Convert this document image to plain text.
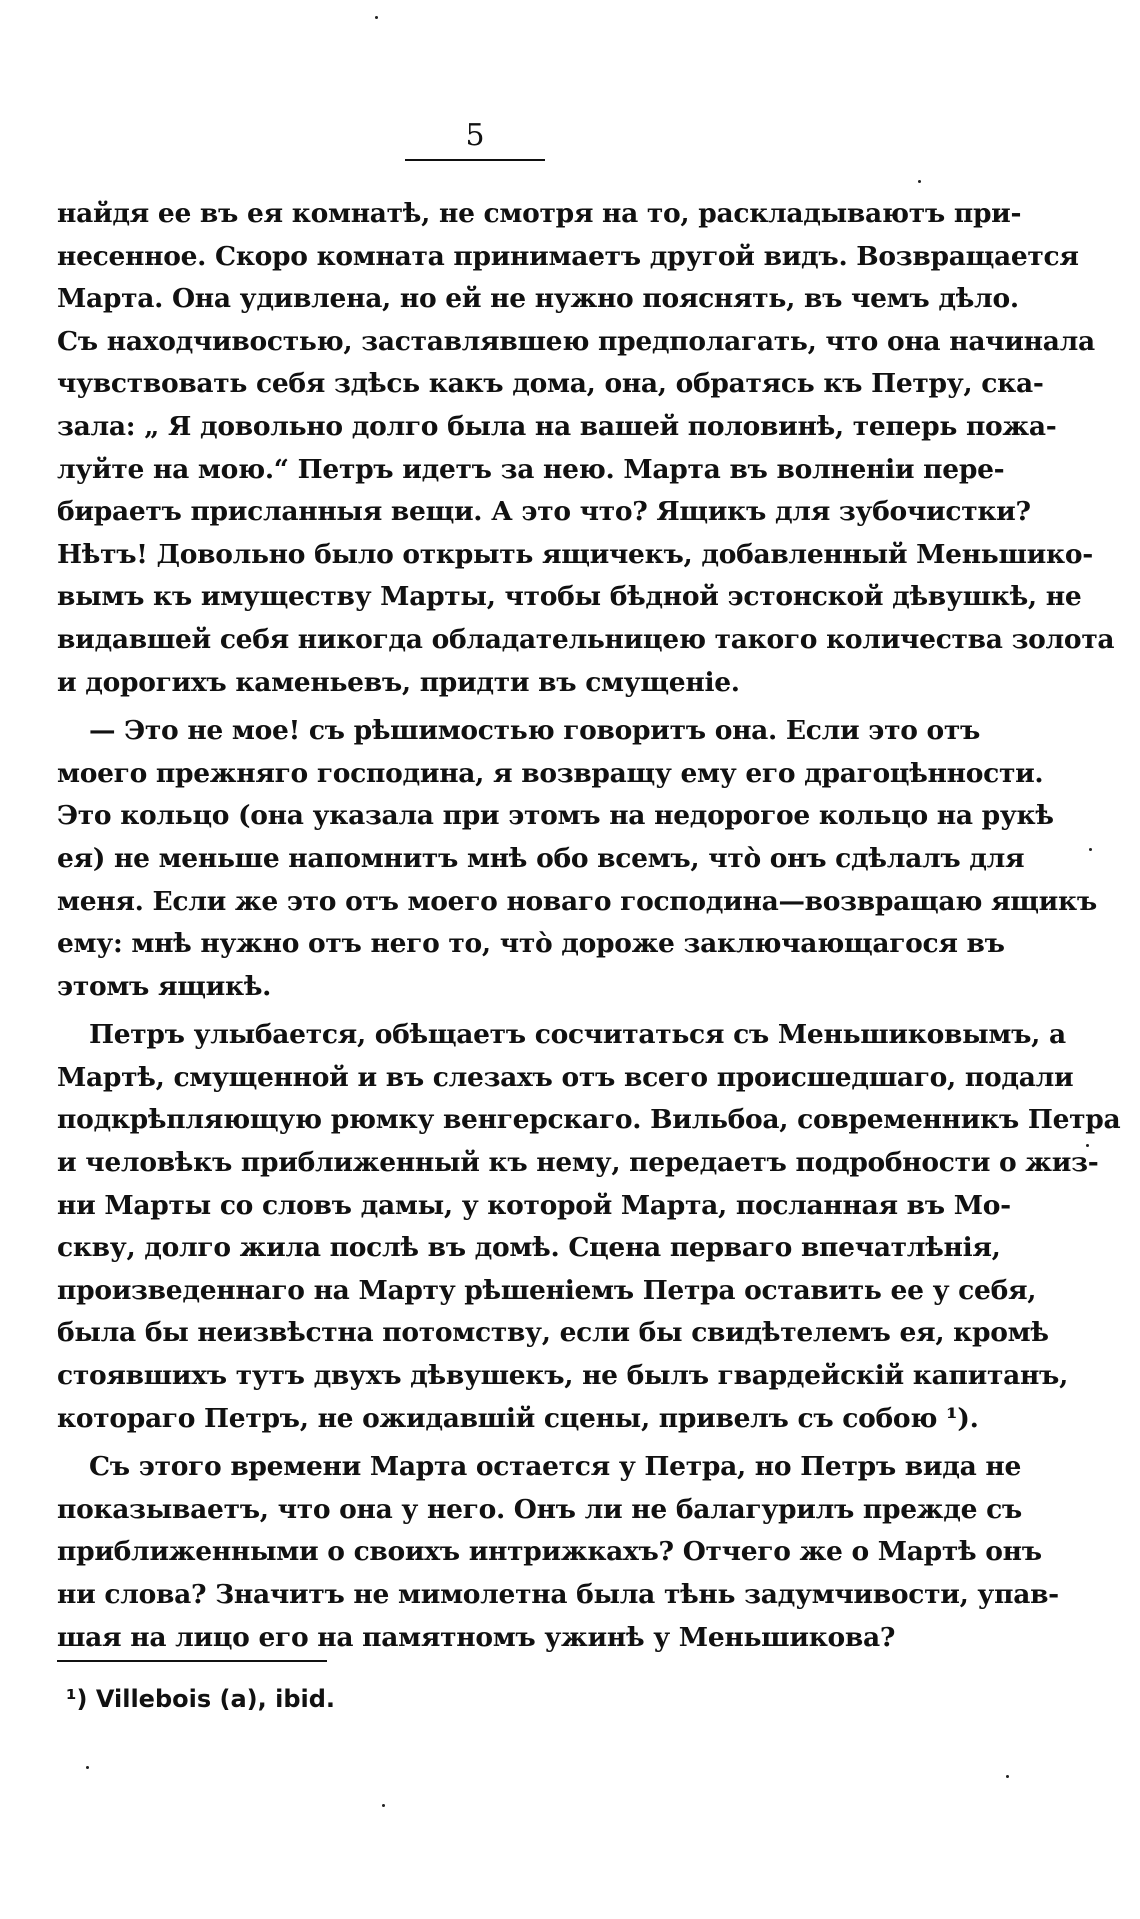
5
найдя ее въ ея комнатѣ, не смотря на то, раскладываютъ при-
несенное. Скоро комната принимаетъ другой видъ. Возвращается
Марта. Она удивлена, но ей не нужно пояснять, въ чемъ дѣло.
Съ находчивостью, заставлявшею предполагать, что она начинала
чувствовать себя здѣсь какъ дома, она, обратясь къ Петру, ска-
зала: „ Я довольно долго была на вашей половинѣ, теперь пожа-
луйте на мою.“ Петръ идетъ за нею. Марта въ волненіи пере-
бираетъ присланныя вещи. А это что? Ящикъ для зубочистки?
Нѣтъ! Довольно было открыть ящичекъ, добавленный Меньшико-
вымъ къ имуществу Марты, чтобы бѣдной эстонской дѣвушкѣ, не
видавшей себя никогда обладательницею такого количества золота
и дорогихъ каменьевъ, придти въ смущеніе.
— Это не мое! съ рѣшимостью говоритъ она. Если это отъ
моего прежняго господина, я возвращу ему его драгоцѣнности.
Это кольцо (она указала при этомъ на недорогое кольцо на рукѣ
ея) не меньше напомнитъ мнѣ обо всемъ, что̀ онъ сдѣлалъ для
меня. Если же это отъ моего новаго господина—возвращаю ящикъ
ему: мнѣ нужно отъ него то, что̀ дороже заключающагося въ
этомъ ящикѣ.
Петръ улыбается, обѣщаетъ сосчитаться съ Меньшиковымъ, а
Мартѣ, смущенной и въ слезахъ отъ всего происшедшаго, подали
подкрѣпляющую рюмку венгерскаго. Вильбоа, современникъ Петра
и человѣкъ приближенный къ нему, передаетъ подробности о жиз-
ни Марты со словъ дамы, у которой Марта, посланная въ Мо-
скву, долго жила послѣ въ домѣ. Сцена перваго впечатлѣнія,
произведеннаго на Марту рѣшеніемъ Петра оставить ее у себя,
была бы неизвѣстна потомству, если бы свидѣтелемъ ея, кромѣ
стоявшихъ тутъ двухъ дѣвушекъ, не былъ гвардейскій капитанъ,
котораго Петръ, не ожидавшій сцены, привелъ съ собою ¹).
Съ этого времени Марта остается у Петра, но Петръ вида не
показываетъ, что она у него. Онъ ли не балагурилъ прежде съ
приближенными о своихъ интрижкахъ? Отчего же о Мартѣ онъ
ни слова? Значитъ не мимолетна была тѣнь задумчивости, упав-
шая на лицо его на памятномъ ужинѣ у Меньшикова?
¹) Villebois (a), ibid.
